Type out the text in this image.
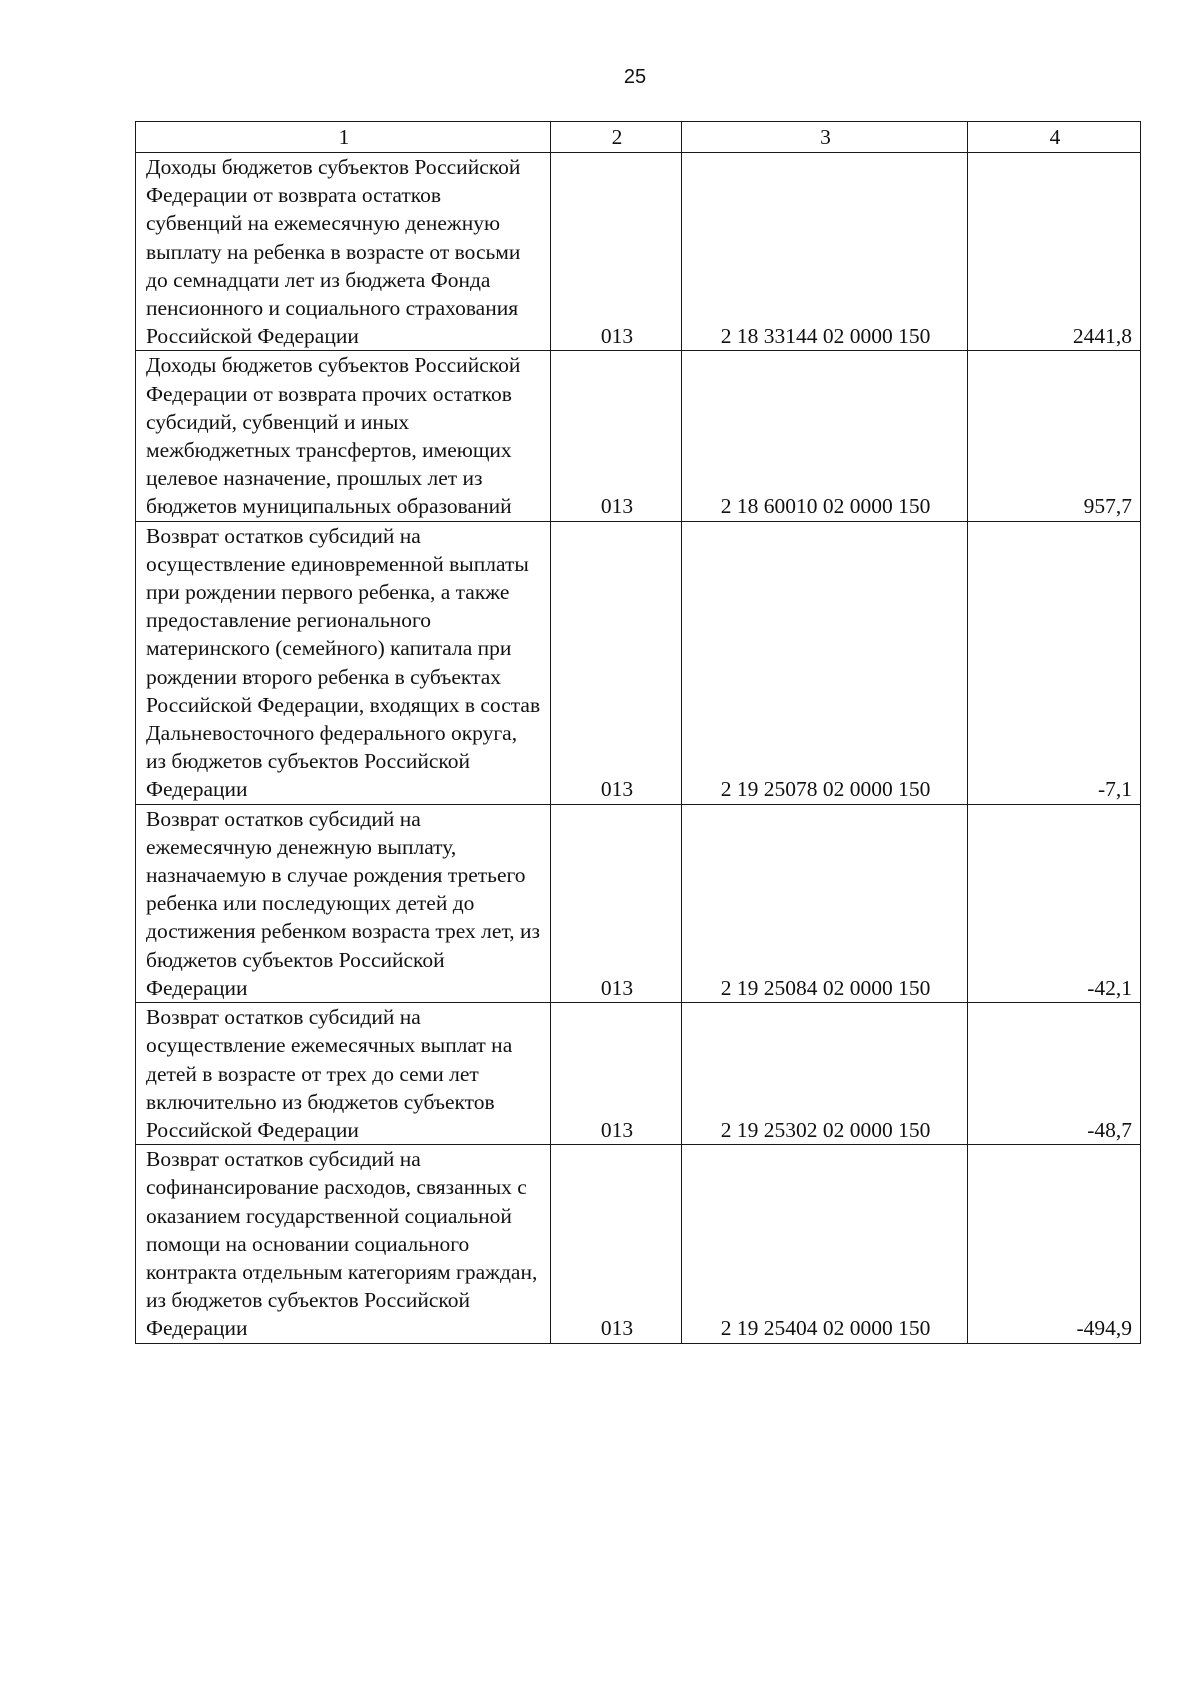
25
1	2	3	4
Доходы бюджетов субъектов Российской Федерации от возврата остатков субвенций на ежемесячную денежную выплату на ребенка в возрасте от восьми до семнадцати лет из бюджета Фонда пенсионного и социального страхования Российской Федерации	013	2 18 33144 02 0000 150	2441,8
Доходы бюджетов субъектов Российской Федерации от возврата прочих остатков субсидий, субвенций и иных межбюджетных трансфертов, имеющих целевое назначение, прошлых лет из бюджетов муниципальных образований	013	2 18 60010 02 0000 150	957,7
Возврат остатков субсидий на осуществление единовременной выплаты при рождении первого ребенка, а также предоставление регионального материнского (семейного) капитала при рождении второго ребенка в субъектах Российской Федерации, входящих в состав Дальневосточного федерального округа, из бюджетов субъектов Российской Федерации	013	2 19 25078 02 0000 150	-7,1
Возврат остатков субсидий на ежемесячную денежную выплату, назначаемую в случае рождения третьего ребенка или последующих детей до достижения ребенком возраста трех лет, из бюджетов субъектов Российской Федерации	013	2 19 25084 02 0000 150	-42,1
Возврат остатков субсидий на осуществление ежемесячных выплат на детей в возрасте от трех до семи лет включительно из бюджетов субъектов Российской Федерации	013	2 19 25302 02 0000 150	-48,7
Возврат остатков субсидий на софинансирование расходов, связанных с оказанием государственной социальной помощи на основании социального контракта отдельным категориям граждан, из бюджетов субъектов Российской Федерации	013	2 19 25404 02 0000 150	-494,9
